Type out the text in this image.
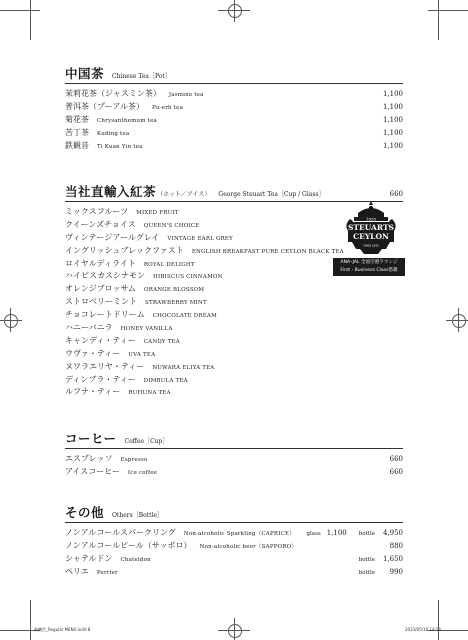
中国茶 Chinese Tea［Pot］
茉莉花茶（ジャスミン茶） Jasmine tea	1,100
普洱茶（プーアル茶） Pu-erh tea	1,100
菊花茶 Chrysanthemum tea	1,100
苦丁茶 Kuding tea	1,100
鉄観音 Ti Kuan Yin tea	1,100
当社直輸入紅茶 （ホット／アイス） George Steuart Tea［Cup / Glass］	660
ミックスフルーツ MIXED FRUIT
クイーンズチョイス QUEEN'S CHOICE
ヴィンテージアールグレイ VINTAGE EARL GREY
イングリッシュブレックファスト ENGLISH BREAKFAST PURE CEYLON BLACK TEA
ロイヤルディライト ROYAL DELIGHT
ハイビスカスシナモン HIBISCUS CINNAMON
オレンジブロッサム ORANGE BLOSSOM
ストロベリーミント STRAWBERRY MINT
チョコレートドリーム CHOCOLATE DREAM
ハニーバニラ HONEY VANILLA
キャンディ・ティー CANDY TEA
ウヴァ・ティー UVA TEA
ヌワラエリヤ・ティー NUWARA ELIYA TEA
ディンブラ・ティー DIMBULA TEA
ルフナ・ティー RUHUNA TEA
1835
STEUARTS
CEYLON
SINCE 1835
ANA･JAL 全国空港ラウンジ
First・Business Class搭載
コーヒー Coffee［Cup］
エスプレッソ Espresso	660
アイスコーヒー Ice coffee	660
その他 Others［Bottle］
ノンアルコールスパークリング Non-alcoholic Sparkling（CAPRICE） glass 1,100 bottle 4,950
ノンアルコールビール（サッポロ） Non-alcoholic beer（SAPPORO）	880
シャテルドン Chateldon	bottle 1,650
ペリエ Perrier	bottle 990
飛機雲_Regular MENU.indd 8	2023/05/18 14:18
